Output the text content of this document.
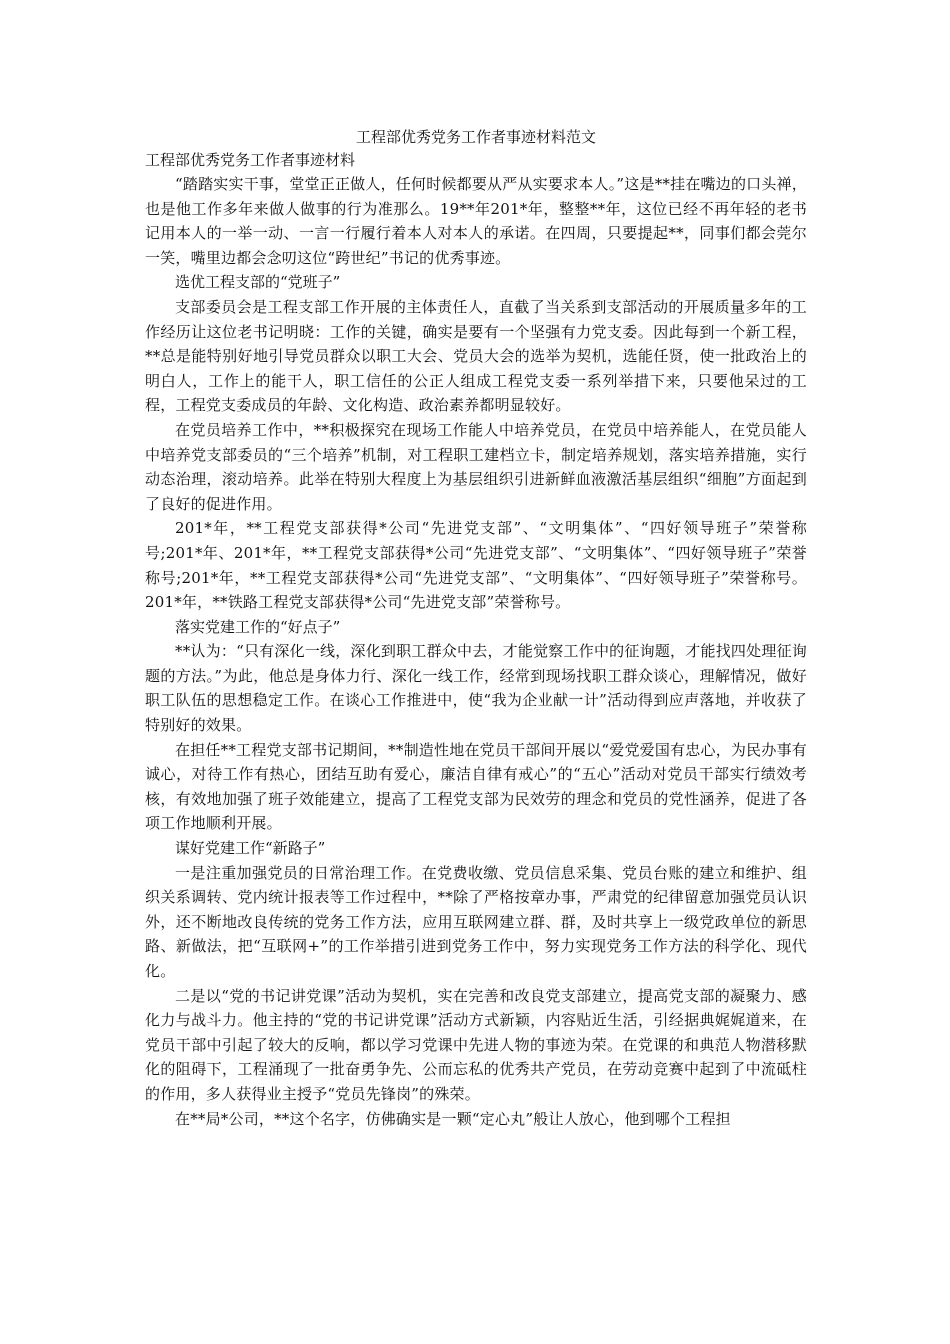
工程部优秀党务工作者事迹材料范文
工程部优秀党务工作者事迹材料

“踏踏实实干事，堂堂正正做人，任何时候都要从严从实要求本人。”这是**挂在嘴边的口头禅，也是他工作多年来做人做事的行为准那么。19**年201*年，整整**年，这位已经不再年轻的老书记用本人的一举一动、一言一行履行着本人对本人的承诺。在四周，只要提起**，同事们都会莞尔一笑，嘴里边都会念叨这位“跨世纪”书记的优秀事迹。

选优工程支部的“党班子”

支部委员会是工程支部工作开展的主体责任人，直截了当关系到支部活动的开展质量多年的工作经历让这位老书记明晓：工作的关键，确实是要有一个坚强有力党支委。因此每到一个新工程，**总是能特别好地引导党员群众以职工大会、党员大会的选举为契机，选能任贤，使一批政治上的明白人，工作上的能干人，职工信任的公正人组成工程党支委一系列举措下来，只要他呆过的工程，工程党支委成员的年龄、文化构造、政治素养都明显较好。

在党员培养工作中，**积极探究在现场工作能人中培养党员，在党员中培养能人，在党员能人中培养党支部委员的“三个培养”机制，对工程职工建档立卡，制定培养规划，落实培养措施，实行动态治理，滚动培养。此举在特别大程度上为基层组织引进新鲜血液激活基层组织“细胞”方面起到了良好的促进作用。

201*年，**工程党支部获得*公司“先进党支部”、“文明集体”、“四好领导班子”荣誉称号;201*年、201*年，**工程党支部获得*公司“先进党支部”、“文明集体”、“四好领导班子”荣誉称号;201*年，**工程党支部获得*公司“先进党支部”、“文明集体”、“四好领导班子”荣誉称号。201*年，**铁路工程党支部获得*公司“先进党支部”荣誉称号。

落实党建工作的“好点子”

**认为：“只有深化一线，深化到职工群众中去，才能觉察工作中的征询题，才能找四处理征询题的方法。”为此，他总是身体力行、深化一线工作，经常到现场找职工群众谈心，理解情况，做好职工队伍的思想稳定工作。在谈心工作推进中，使“我为企业献一计”活动得到应声落地，并收获了特别好的效果。

在担任**工程党支部书记期间，**制造性地在党员干部间开展以“爱党爱国有忠心，为民办事有诚心，对待工作有热心，团结互助有爱心，廉洁自律有戒心”的“五心”活动对党员干部实行绩效考核，有效地加强了班子效能建立，提高了工程党支部为民效劳的理念和党员的党性涵养，促进了各项工作地顺利开展。

谋好党建工作“新路子”

一是注重加强党员的日常治理工作。在党费收缴、党员信息采集、党员台账的建立和维护、组织关系调转、党内统计报表等工作过程中，**除了严格按章办事，严肃党的纪律留意加强党员认识外，还不断地改良传统的党务工作方法，应用互联网建立群、群，及时共享上一级党政单位的新思路、新做法，把“互联网+”的工作举措引进到党务工作中，努力实现党务工作方法的科学化、现代化。

二是以“党的书记讲党课”活动为契机，实在完善和改良党支部建立，提高党支部的凝聚力、感化力与战斗力。他主持的“党的书记讲党课”活动方式新颖，内容贴近生活，引经据典娓娓道来，在党员干部中引起了较大的反响，都以学习党课中先进人物的事迹为荣。在党课的和典范人物潜移默化的阻碍下，工程涌现了一批奋勇争先、公而忘私的优秀共产党员，在劳动竞赛中起到了中流砥柱的作用，多人获得业主授予“党员先锋岗”的殊荣。

在**局*公司，**这个名字，仿佛确实是一颗“定心丸”般让人放心，他到哪个工程担
